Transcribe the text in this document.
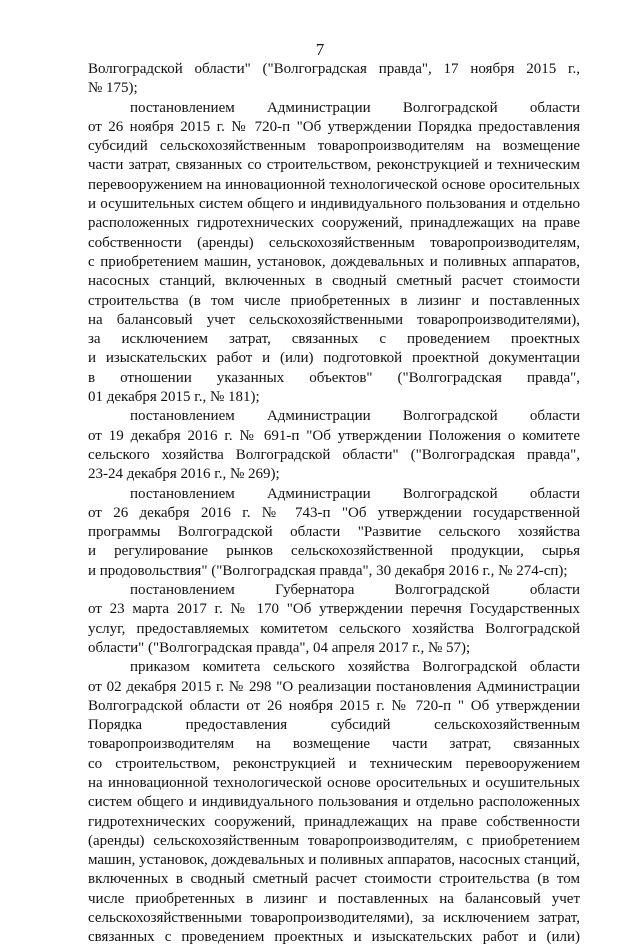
7
Волгоградской области" ("Волгоградская правда", 17 ноября 2015 г.,
№ 175);
постановлением Администрации Волгоградской области
от 26 ноября 2015 г. № 720-п "Об утверждении Порядка предоставления
субсидий сельскохозяйственным товаропроизводителям на возмещение
части затрат, связанных со строительством, реконструкцией и техническим
перевооружением на инновационной технологической основе оросительных
и осушительных систем общего и индивидуального пользования и отдельно
расположенных гидротехнических сооружений, принадлежащих на праве
собственности (аренды) сельскохозяйственным товаропроизводителям,
с приобретением машин, установок, дождевальных и поливных аппаратов,
насосных станций, включенных в сводный сметный расчет стоимости
строительства (в том числе приобретенных в лизинг и поставленных
на балансовый учет сельскохозяйственными товаропроизводителями),
за исключением затрат, связанных с проведением проектных
и изыскательских работ и (или) подготовкой проектной документации
в отношении указанных объектов" ("Волгоградская правда",
01 декабря 2015 г., № 181);
постановлением Администрации Волгоградской области
от 19 декабря 2016 г. № 691-п "Об утверждении Положения о комитете
сельского хозяйства Волгоградской области" ("Волгоградская правда",
23-24 декабря 2016 г., № 269);
постановлением Администрации Волгоградской области
от 26 декабря 2016 г. № 743-п "Об утверждении государственной
программы Волгоградской области "Развитие сельского хозяйства
и регулирование рынков сельскохозяйственной продукции, сырья
и продовольствия" ("Волгоградская правда", 30 декабря 2016 г., № 274-сп);
постановлением Губернатора Волгоградской области
от 23 марта 2017 г. № 170 "Об утверждении перечня Государственных
услуг, предоставляемых комитетом сельского хозяйства Волгоградской
области" ("Волгоградская правда", 04 апреля 2017 г., № 57);
приказом комитета сельского хозяйства Волгоградской области
от 02 декабря 2015 г. № 298 "О реализации постановления Администрации
Волгоградской области от 26 ноября 2015 г. № 720-п " Об утверждении
Порядка предоставления субсидий сельскохозяйственным
товаропроизводителям на возмещение части затрат, связанных
со строительством, реконструкцией и техническим перевооружением
на инновационной технологической основе оросительных и осушительных
систем общего и индивидуального пользования и отдельно расположенных
гидротехнических сооружений, принадлежащих на праве собственности
(аренды) сельскохозяйственным товаропроизводителям, с приобретением
машин, установок, дождевальных и поливных аппаратов, насосных станций,
включенных в сводный сметный расчет стоимости строительства (в том
числе приобретенных в лизинг и поставленных на балансовый учет
сельскохозяйственными товаропроизводителями), за исключением затрат,
связанных с проведением проектных и изыскательских работ и (или)
